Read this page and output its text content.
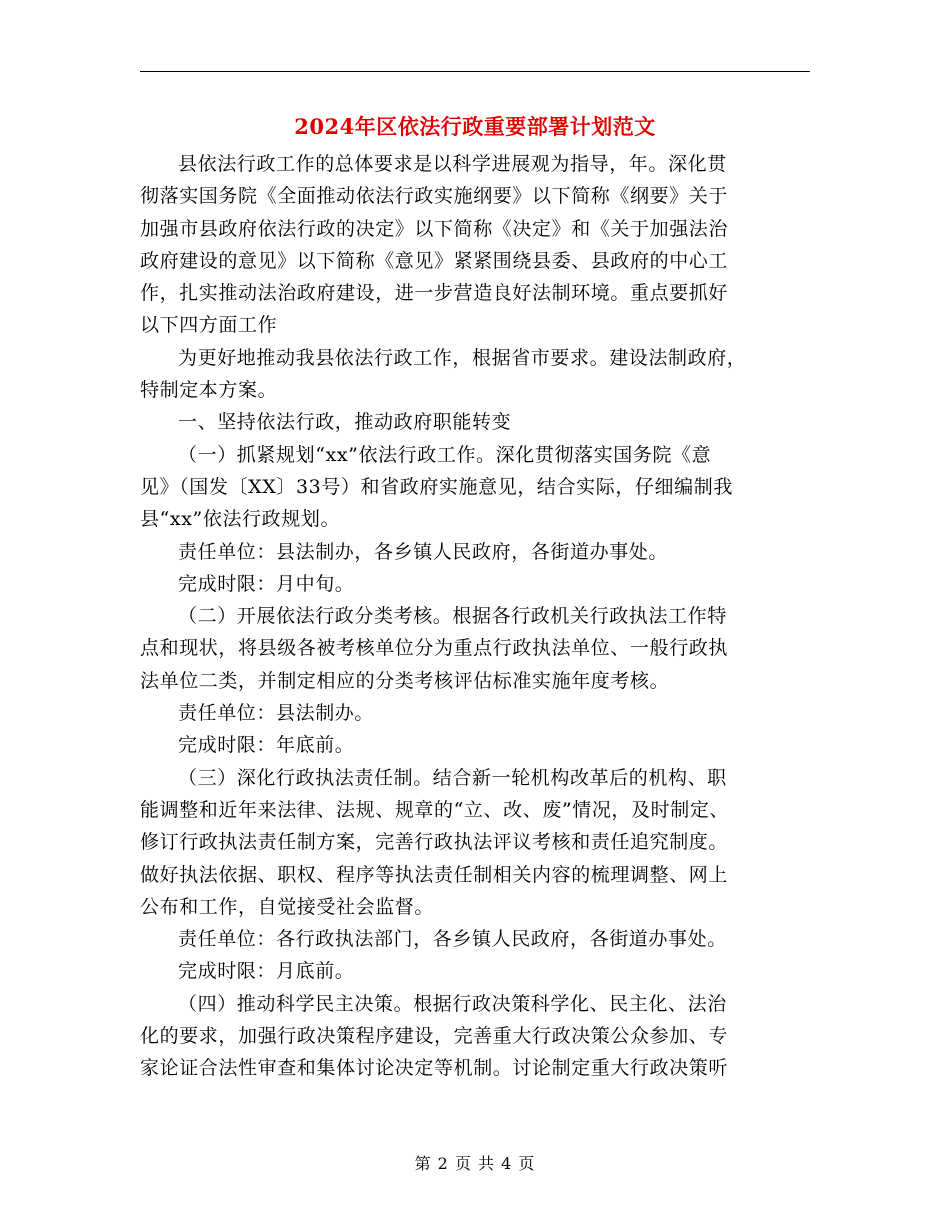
2024年区依法行政重要部署计划范文

县依法行政工作的总体要求是以科学进展观为指导，年。深化贯
彻落实国务院《全面推动依法行政实施纲要》以下简称《纲要》关于
加强市县政府依法行政的决定》以下简称《决定》和《关于加强法治
政府建设的意见》以下简称《意见》紧紧围绕县委、县政府的中心工
作，扎实推动法治政府建设，进一步营造良好法制环境。重点要抓好
以下四方面工作

为更好地推动我县依法行政工作，根据省市要求。建设法制政府，
特制定本方案。

一、坚持依法行政，推动政府职能转变

（一）抓紧规划“xx”依法行政工作。深化贯彻落实国务院《意
见》（国发〔XX〕33号）和省政府实施意见，结合实际，仔细编制我
县“xx”依法行政规划。

责任单位：县法制办，各乡镇人民政府，各街道办事处。

完成时限：月中旬。

（二）开展依法行政分类考核。根据各行政机关行政执法工作特
点和现状，将县级各被考核单位分为重点行政执法单位、一般行政执
法单位二类，并制定相应的分类考核评估标准实施年度考核。

责任单位：县法制办。

完成时限：年底前。

（三）深化行政执法责任制。结合新一轮机构改革后的机构、职
能调整和近年来法律、法规、规章的“立、改、废”情况，及时制定、
修订行政执法责任制方案，完善行政执法评议考核和责任追究制度。
做好执法依据、职权、程序等执法责任制相关内容的梳理调整、网上
公布和工作，自觉接受社会监督。

责任单位：各行政执法部门，各乡镇人民政府，各街道办事处。

完成时限：月底前。

（四）推动科学民主决策。根据行政决策科学化、民主化、法治
化的要求，加强行政决策程序建设，完善重大行政决策公众参加、专
家论证合法性审查和集体讨论决定等机制。讨论制定重大行政决策听

第 2 页 共 4 页
